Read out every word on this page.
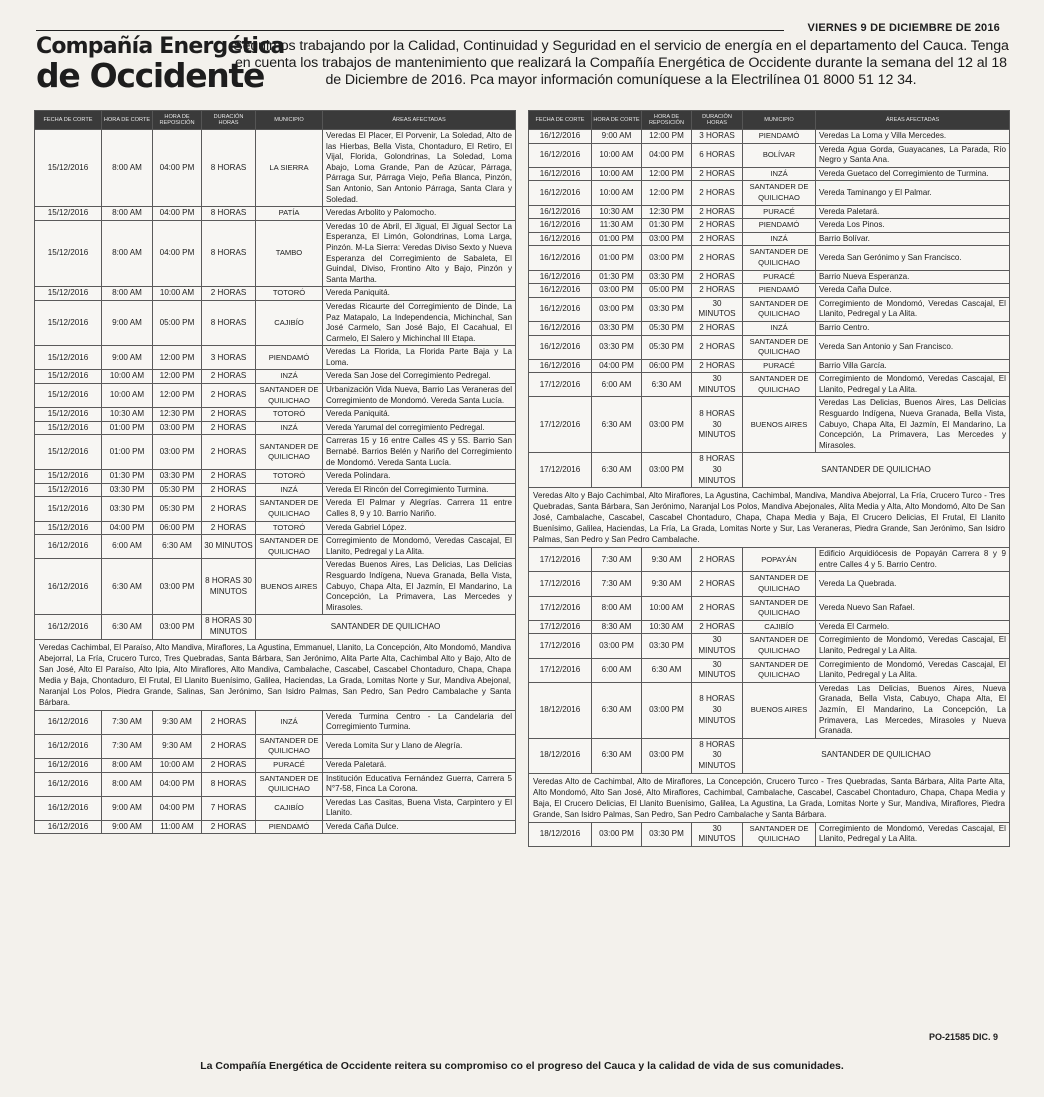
VIERNES 9 DE DICIEMBRE DE 2016
Compañía Energética
de Occidente
Seguimos trabajando por la Calidad, Continuidad y Seguridad en el servicio de energía en el departamento del Cauca. Tenga en cuenta los trabajos de mantenimiento que realizará la Compañía Energética de Occidente durante la semana del 12 al 18 de Diciembre de 2016. Pca mayor información comuníquese a la Electrilínea 01 8000 51 12 34.
FECHA DE CORTE	HORA DE CORTE	HORA DE REPOSICIÓN	DURACIÓN HORAS	MUNICIPIO	ÁREAS AFECTADAS
15/12/2016	8:00 AM	04:00 PM	8 HORAS	LA SIERRA	Veredas El Placer, El Porvenir, La Soledad, Alto de las Hierbas, Bella Vista, Chontaduro, El Retiro, El Vijal, Florida, Golondrinas, La Soledad, Loma Abajo, Loma Grande, Pan de Azúcar, Párraga, Párraga Sur, Párraga Viejo, Peña Blanca, Pinzón, San Antonio, San Antonio Párraga, Santa Clara y Soledad.
15/12/2016	8:00 AM	04:00 PM	8 HORAS	PATÍA	Veredas Arbolito y Palomocho.
15/12/2016	8:00 AM	04:00 PM	8 HORAS	TAMBO	Veredas 10 de Abril, El Jigual, El Jigual Sector La Esperanza, El Limón, Golondrinas, Loma Larga, Pinzón. M-La Sierra: Veredas Diviso Sexto y Nueva Esperanza del Corregimiento de Sabaleta, El Guindal, Diviso, Frontino Alto y Bajo, Pinzón y Santa Martha.
15/12/2016	8:00 AM	10:00 AM	2 HORAS	TOTORÓ	Vereda Paniquitá.
15/12/2016	9:00 AM	05:00 PM	8 HORAS	CAJIBÍO	Veredas Ricaurte del Corregimiento de Dinde, La Paz Matapalo, La Independencia, Michinchal, San José Carmelo, San José Bajo, El Cacahual, El Carmelo, El Salero y Michinchal III Etapa.
15/12/2016	9:00 AM	12:00 PM	3 HORAS	PIENDAMÓ	Veredas La Florida, La Florida Parte Baja y La Loma.
15/12/2016	10:00 AM	12:00 PM	2 HORAS	INZÁ	Vereda San Jose del Corregimiento Pedregal.
15/12/2016	10:00 AM	12:00 PM	2 HORAS	SANTANDER DE QUILICHAO	Urbanización Vida Nueva, Barrio Las Veraneras del Corregimiento de Mondomó. Vereda Santa Lucía.
15/12/2016	10:30 AM	12:30 PM	2 HORAS	TOTORÓ	Vereda Paniquitá.
15/12/2016	01:00 PM	03:00 PM	2 HORAS	INZÁ	Vereda Yarumal del corregimiento Pedregal.
15/12/2016	01:00 PM	03:00 PM	2 HORAS	SANTANDER DE QUILICHAO	Carreras 15 y 16 entre Calles 4S y 5S. Barrio San Bernabé. Barrios Belén y Nariño del Corregimiento de Mondomó. Vereda Santa Lucía.
15/12/2016	01:30 PM	03:30 PM	2 HORAS	TOTORÓ	Vereda Polindara.
15/12/2016	03:30 PM	05:30 PM	2 HORAS	INZÁ	Vereda El Rincón del Corregimiento Turmina.
15/12/2016	03:30 PM	05:30 PM	2 HORAS	SANTANDER DE QUILICHAO	Vereda El Palmar y Alegrías. Carrera 11 entre Calles 8, 9 y 10. Barrio Nariño.
15/12/2016	04:00 PM	06:00 PM	2 HORAS	TOTORÓ	Vereda Gabriel López.
16/12/2016	6:00 AM	6:30 AM	30 MINUTOS	SANTANDER DE QUILICHAO	Corregimiento de Mondomó, Veredas Cascajal, El Llanito, Pedregal y La Alita.
16/12/2016	6:30 AM	03:00 PM	8 HORAS 30 MINUTOS	BUENOS AIRES	Veredas Buenos Aires, Las Delicias, Las Delicias Resguardo Indígena, Nueva Granada, Bella Vista, Cabuyo, Chapa Alta, El Jazmín, El Mandarino, La Concepción, La Primavera, Las Mercedes y Mirasoles.
16/12/2016	6:30 AM	03:00 PM	8 HORAS 30 MINUTOS	SANTANDER DE QUILICHAO	
Veredas Cachimbal, El Paraíso, Alto Mandiva, Miraflores, La Agustina, Emmanuel, Llanito, La Concepción, Alto Mondomó, Mandiva Abejorral, La Fría, Crucero Turco, Tres Quebradas, Santa Bárbara, San Jerónimo, Alita Parte Alta, Cachimbal Alto y Bajo, Alto de San José, Alto El Paraíso, Alto Ipia, Alto Miraflores, Alto Mandiva, Cambalache, Cascabel, Cascabel Chontaduro, Chapa, Chapa Media y Baja, Chontaduro, El Frutal, El Llanito Buenísimo, Galilea, Haciendas, La Grada, Lomitas Norte y Sur, Mandiva Abejonal, Naranjal Los Polos, Piedra Grande, Salinas, San Jerónimo, San Isidro Palmas, San Pedro, San Pedro Cambalache y Santa Bárbara.					
16/12/2016	7:30 AM	9:30 AM	2 HORAS	INZÁ	Vereda Turmina Centro - La Candelaria del Corregimiento Turmina.
16/12/2016	7:30 AM	9:30 AM	2 HORAS	SANTANDER DE QUILICHAO	Vereda Lomita Sur y Llano de Alegría.
16/12/2016	8:00 AM	10:00 AM	2 HORAS	PURACÉ	Vereda Paletará.
16/12/2016	8:00 AM	04:00 PM	8 HORAS	SANTANDER DE QUILICHAO	Institución Educativa Fernández Guerra, Carrera 5 N°7-58, Finca La Corona.
16/12/2016	9:00 AM	04:00 PM	7 HORAS	CAJIBÍO	Veredas Las Casitas, Buena Vista, Carpintero y El Llanito.
16/12/2016	9:00 AM	11:00 AM	2 HORAS	PIENDAMÓ	Vereda Caña Dulce.
FECHA DE CORTE	HORA DE CORTE	HORA DE REPOSICIÓN	DURACIÓN HORAS	MUNICIPIO	ÁREAS AFECTADAS
16/12/2016	9:00 AM	12:00 PM	3 HORAS	PIENDAMÓ	Veredas La Loma y Villa Mercedes.
16/12/2016	10:00 AM	04:00 PM	6 HORAS	BOLÍVAR	Vereda Agua Gorda, Guayacanes, La Parada, Río Negro y Santa Ana.
16/12/2016	10:00 AM	12:00 PM	2 HORAS	INZÁ	Vereda Guetaco del Corregimiento de Turmina.
16/12/2016	10:00 AM	12:00 PM	2 HORAS	SANTANDER DE QUILICHAO	Vereda Taminango y El Palmar.
16/12/2016	10:30 AM	12:30 PM	2 HORAS	PURACÉ	Vereda Paletará.
16/12/2016	11:30 AM	01:30 PM	2 HORAS	PIENDAMÓ	Vereda Los Pinos.
16/12/2016	01:00 PM	03:00 PM	2 HORAS	INZÁ	Barrio Bolívar.
16/12/2016	01:00 PM	03:00 PM	2 HORAS	SANTANDER DE QUILICHAO	Vereda San Gerónimo y San Francisco.
16/12/2016	01:30 PM	03:30 PM	2 HORAS	PURACÉ	Barrio Nueva Esperanza.
16/12/2016	03:00 PM	05:00 PM	2 HORAS	PIENDAMÓ	Vereda Caña Dulce.
16/12/2016	03:00 PM	03:30 PM	30 MINUTOS	SANTANDER DE QUILICHAO	Corregimiento de Mondomó, Veredas Cascajal, El Llanito, Pedregal y La Alita.
16/12/2016	03:30 PM	05:30 PM	2 HORAS	INZÁ	Barrio Centro.
16/12/2016	03:30 PM	05:30 PM	2 HORAS	SANTANDER DE QUILICHAO	Vereda San Antonio y San Francisco.
16/12/2016	04:00 PM	06:00 PM	2 HORAS	PURACÉ	Barrio Villa García.
17/12/2016	6:00 AM	6:30 AM	30 MINUTOS	SANTANDER DE QUILICHAO	Corregimiento de Mondomó, Veredas Cascajal, El Llanito, Pedregal y La Alita.
17/12/2016	6:30 AM	03:00 PM	8 HORAS 30 MINUTOS	BUENOS AIRES	Veredas Las Delicias, Buenos Aires, Las Delicias Resguardo Indígena, Nueva Granada, Bella Vista, Cabuyo, Chapa Alta, El Jazmín, El Mandarino, La Concepción, La Primavera, Las Mercedes y Mirasoles.
17/12/2016	6:30 AM	03:00 PM	8 HORAS 30 MINUTOS	SANTANDER DE QUILICHAO	
Veredas Alto y Bajo Cachimbal, Alto Miraflores, La Agustina, Cachimbal, Mandiva, Mandiva Abejorral, La Fría, Crucero Turco - Tres Quebradas, Santa Bárbara, San Jerónimo, Naranjal Los Polos, Mandiva Abejonales, Alita Media y Alta, Alto Mondomó, Alto De San José, Cambalache, Cascabel, Cascabel Chontaduro, Chapa, Chapa Media y Baja, El Crucero Delicias, El Frutal, El Llanito Buenísimo, Galilea, Haciendas, La Fría, La Grada, Lomitas Norte y Sur, Las Veraneras, Piedra Grande, San Jerónimo, San Isidro Palmas, San Pedro y San Pedro Cambalache.					
17/12/2016	7:30 AM	9:30 AM	2 HORAS	POPAYÁN	Edificio Arquidiócesis de Popayán Carrera 8 y 9 entre Calles 4 y 5. Barrio Centro.
17/12/2016	7:30 AM	9:30 AM	2 HORAS	SANTANDER DE QUILICHAO	Vereda La Quebrada.
17/12/2016	8:00 AM	10:00 AM	2 HORAS	SANTANDER DE QUILICHAO	Vereda Nuevo San Rafael.
17/12/2016	8:30 AM	10:30 AM	2 HORAS	CAJIBÍO	Vereda El Carmelo.
17/12/2016	03:00 PM	03:30 PM	30 MINUTOS	SANTANDER DE QUILICHAO	Corregimiento de Mondomó, Veredas Cascajal, El Llanito, Pedregal y La Alita.
17/12/2016	6:00 AM	6:30 AM	30 MINUTOS	SANTANDER DE QUILICHAO	Corregimiento de Mondomó, Veredas Cascajal, El Llanito, Pedregal y La Alita.
18/12/2016	6:30 AM	03:00 PM	8 HORAS 30 MINUTOS	BUENOS AIRES	Veredas Las Delicias, Buenos Aires, Nueva Granada, Bella Vista, Cabuyo, Chapa Alta, El Jazmín, El Mandarino, La Concepción, La Primavera, Las Mercedes, Mirasoles y Nueva Granada.
18/12/2016	6:30 AM	03:00 PM	8 HORAS 30 MINUTOS	SANTANDER DE QUILICHAO	
Veredas Alto de Cachimbal, Alto de Miraflores, La Concepción, Crucero Turco - Tres Quebradas, Santa Bárbara, Alita Parte Alta, Alto Mondomó, Alto San José, Alto Miraflores, Cachimbal, Cambalache, Cascabel, Cascabel Chontaduro, Chapa, Chapa Media y Baja, El Crucero Delicias, El Llanito Buenísimo, Galilea, La Agustina, La Grada, Lomitas Norte y Sur, Mandiva, Miraflores, Piedra Grande, San Isidro Palmas, San Pedro, San Pedro Cambalache y Santa Bárbara.					
18/12/2016	03:00 PM	03:30 PM	30 MINUTOS	SANTANDER DE QUILICHAO	Corregimiento de Mondomó, Veredas Cascajal, El Llanito, Pedregal y La Alita.
PO-21585 DIC. 9
La Compañía Energética de Occidente reitera su compromiso co el progreso del Cauca y la calidad de vida de sus comunidades.
